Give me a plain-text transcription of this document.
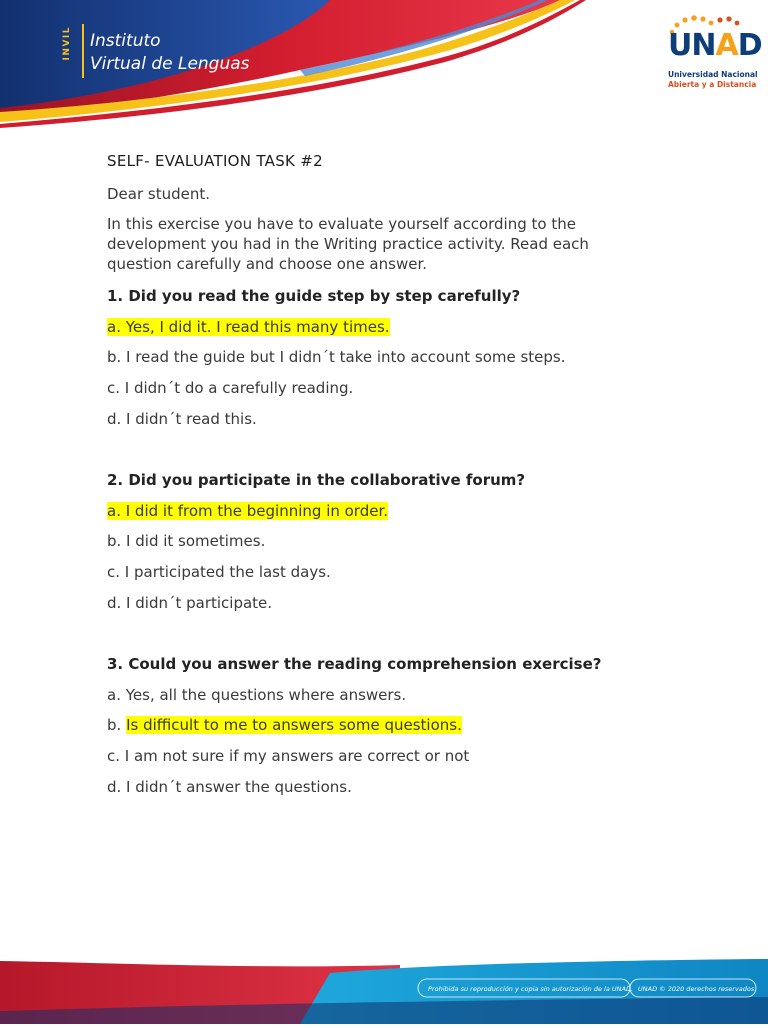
INVIL Instituto
Virtual de Lenguas
UNAD
Universidad Nacional
Abierta y a Distancia
SELF- EVALUATION TASK #2
Dear student.
In this exercise you have to evaluate yourself according to the development you had in the Writing practice activity. Read each question carefully and choose one answer.
1. Did you read the guide step by step carefully?
a. Yes, I did it. I read this many times.
b. I read the guide but I didn´t take into account some steps.
c. I didn´t do a carefully reading.
d. I didn´t read this.
2. Did you participate in the collaborative forum?
a. I did it from the beginning in order.
b. I did it sometimes.
c. I participated the last days.
d. I didn´t participate.
3. Could you answer the reading comprehension exercise?
a. Yes, all the questions where answers.
b. Is difficult to me to answers some questions.
c. I am not sure if my answers are correct or not
d. I didn´t answer the questions.
Prohibida su reproducción y copia sin autorización de la UNAD. UNAD © 2020 derechos reservados.
